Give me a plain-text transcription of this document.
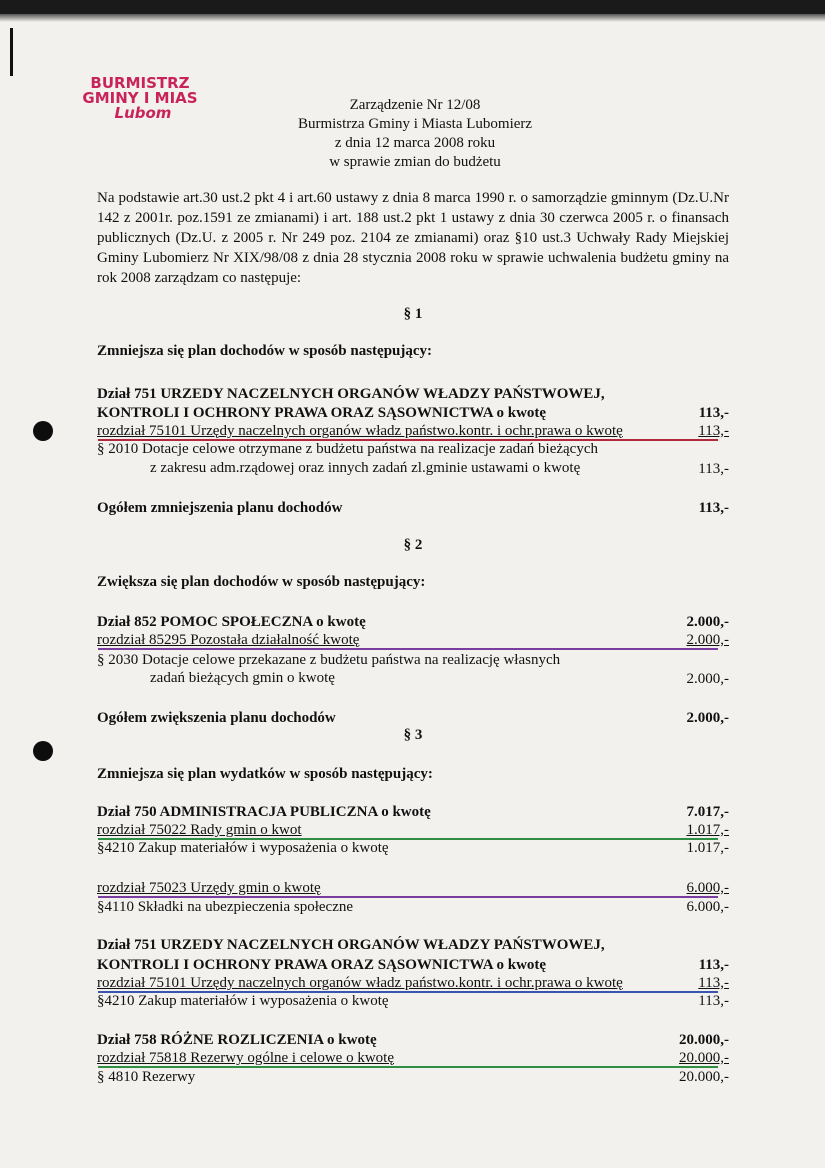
BURMISTRZ
GMINY I MIAS
Lubom	Zarządzenie Nr 12/08
Burmistrza Gminy i Miasta Lubomierz
z dnia 12 marca 2008 roku
w sprawie zmian do budżetu
Na podstawie art.30 ust.2 pkt 4 i art.60 ustawy z dnia 8 marca 1990 r. o samorządzie gminnym (Dz.U.Nr 142 z 2001r. poz.1591 ze zmianami) i art. 188 ust.2 pkt 1 ustawy z dnia 30 czerwca 2005 r. o finansach publicznych (Dz.U. z 2005 r. Nr 249 poz. 2104 ze zmianami) oraz §10 ust.3 Uchwały Rady Miejskiej Gminy Lubomierz Nr XIX/98/08 z dnia 28 stycznia 2008 roku w sprawie uchwalenia budżetu gminy na rok 2008 zarządzam co następuje:
§ 1
Zmniejsza się plan dochodów w sposób następujący:
Dział 751 URZEDY NACZELNYCH ORGANÓW WŁADZY PAŃSTWOWEJ,
KONTROLI I OCHRONY PRAWA ORAZ SĄSOWNICTWA o kwotę	113,-
rozdział 75101 Urzędy naczelnych organów władz państwo.kontr. i ochr.prawa o kwotę	113,-
§ 2010 Dotacje celowe otrzymane z budżetu państwa na realizacje zadań bieżących
z zakresu adm.rządowej oraz innych zadań zl.gminie ustawami o kwotę	113,-
Ogółem zmniejszenia planu dochodów	113,-
§ 2
Zwiększa się plan dochodów w sposób następujący:
Dział 852 POMOC SPOŁECZNA o kwotę	2.000,-
rozdział 85295 Pozostała działalność kwotę	2.000,-
§ 2030 Dotacje celowe przekazane z budżetu państwa na realizację własnych
zadań bieżących gmin o kwotę	2.000,-
Ogółem zwiększenia planu dochodów	2.000,-
§ 3
Zmniejsza się plan wydatków w sposób następujący:
Dział 750 ADMINISTRACJA PUBLICZNA o kwotę	7.017,-
rozdział 75022 Rady gmin o kwot	1.017,-
§4210 Zakup materiałów i wyposażenia o kwotę	1.017,-
rozdział 75023 Urzędy gmin o kwotę	6.000,-
§4110 Składki na ubezpieczenia społeczne	6.000,-
Dział 751 URZEDY NACZELNYCH ORGANÓW WŁADZY PAŃSTWOWEJ,
KONTROLI I OCHRONY PRAWA ORAZ SĄSOWNICTWA o kwotę	113,-
rozdział 75101 Urzędy naczelnych organów władz państwo.kontr. i ochr.prawa o kwotę	113,-
§4210 Zakup materiałów i wyposażenia o kwotę	113,-
Dział 758 RÓŻNE ROZLICZENIA o kwotę	20.000,-
rozdział 75818 Rezerwy ogólne i celowe o kwotę	20.000,-
§ 4810 Rezerwy	20.000,-
